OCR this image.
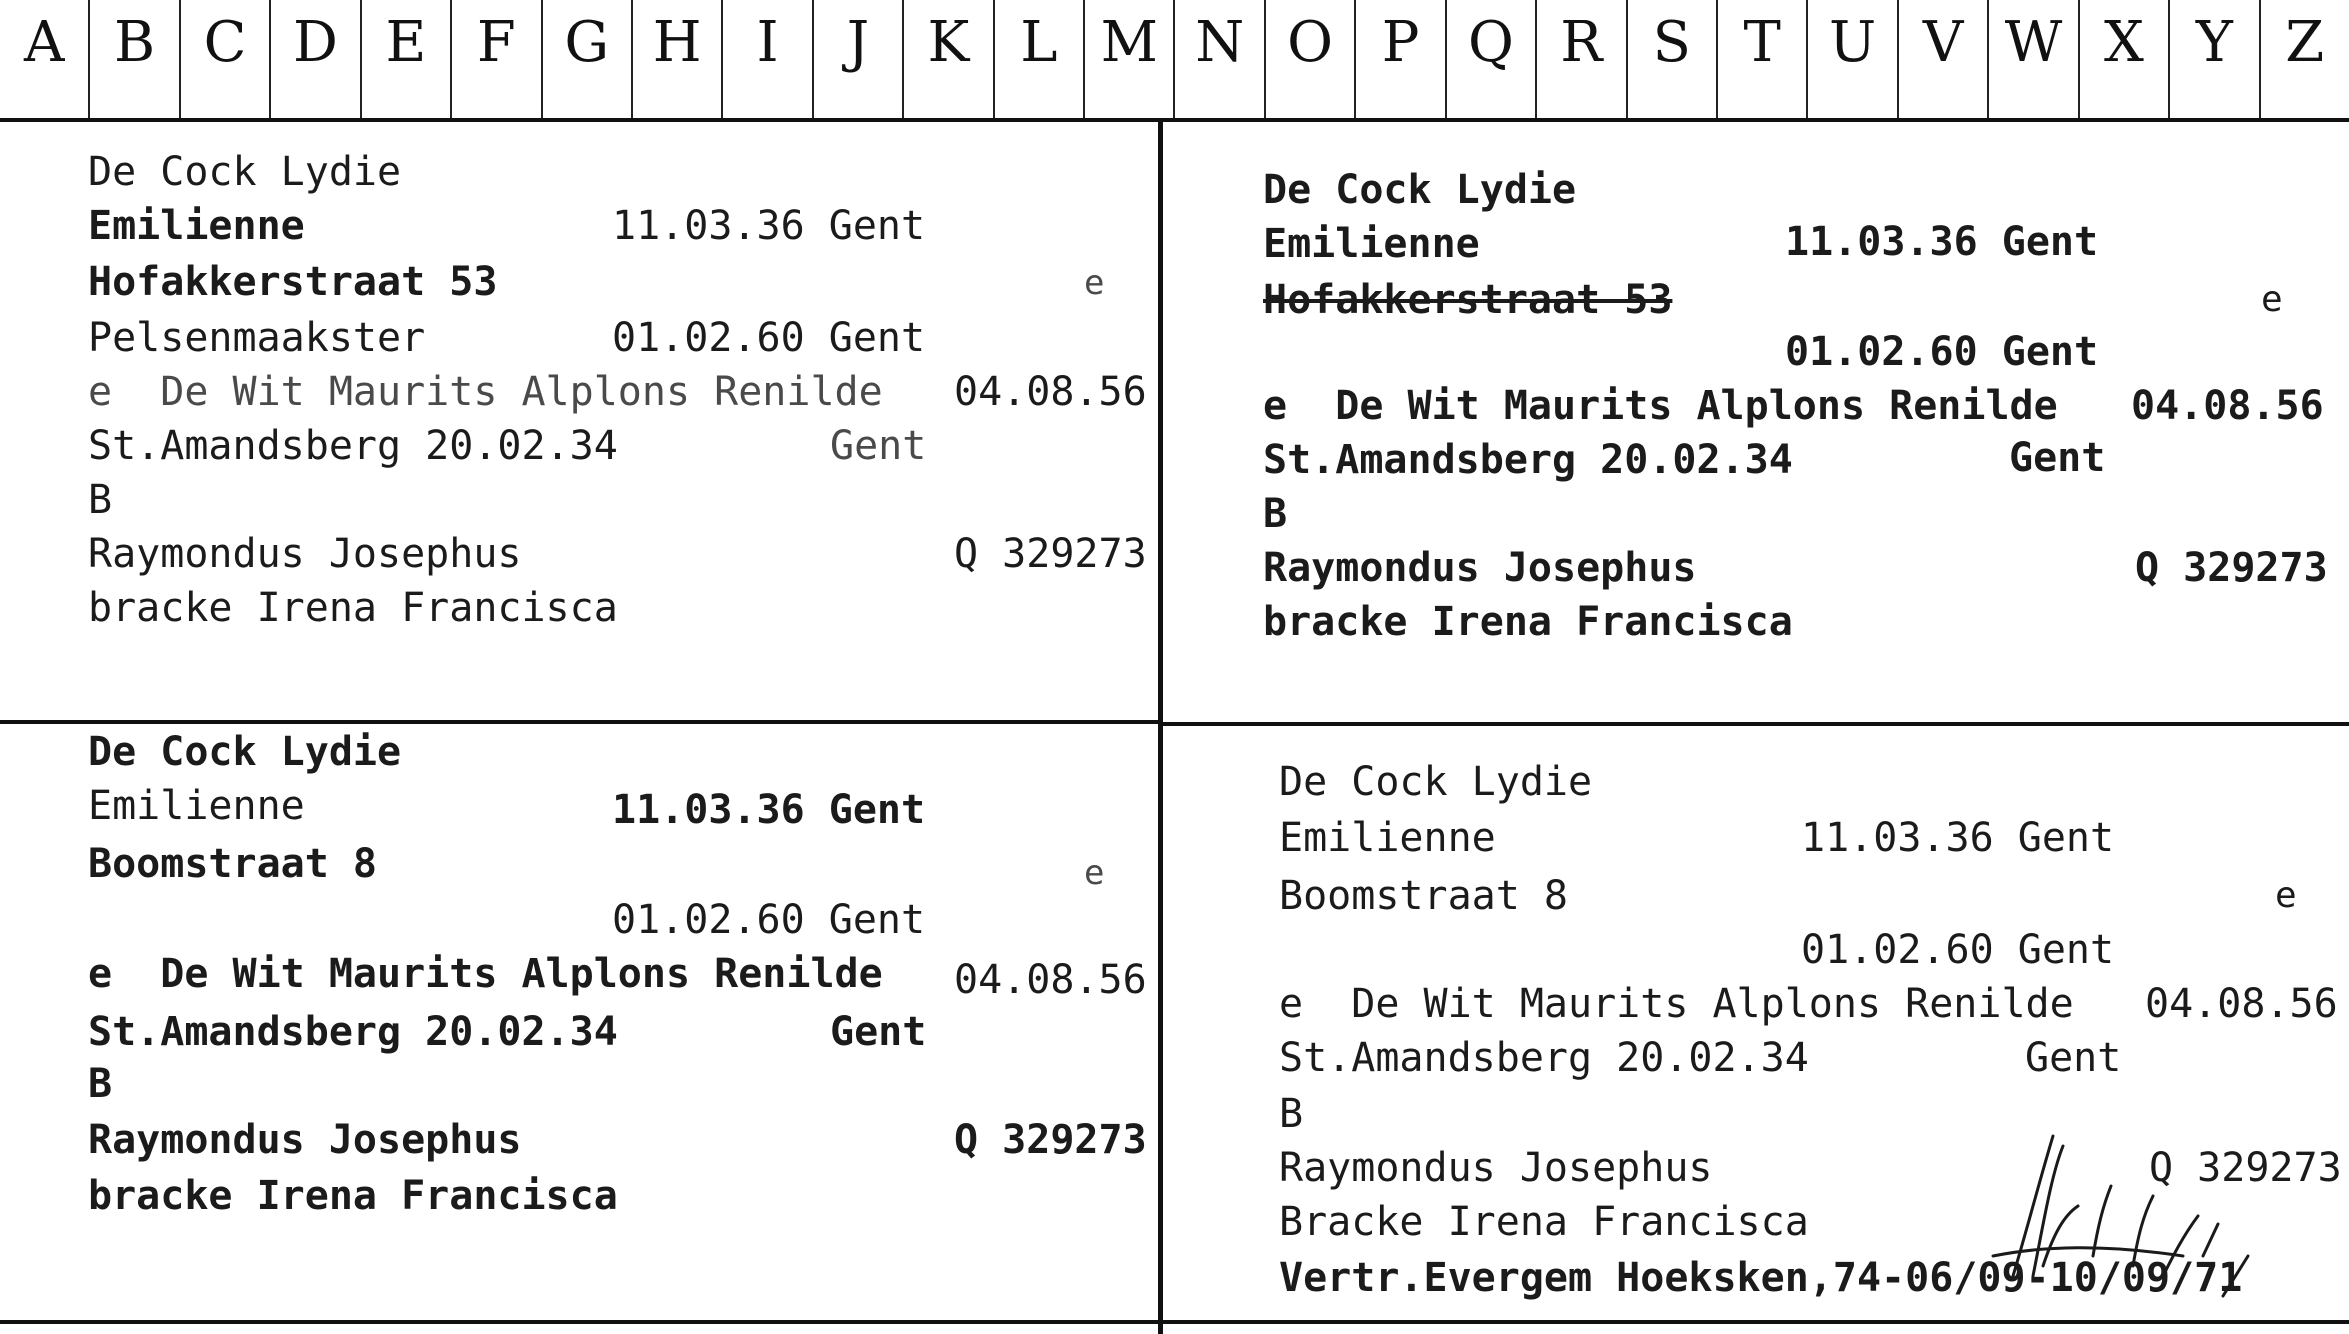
A B C D E F G H I	J	K L M N O P Q R S T U V W X Y Z
De Cock Lydie
Emilienne	11.03.36 Gent
Hofakkerstraat 53	e
Pelsenmaakster	01.02.60 Gent
e  De Wit Maurits Alplons Renilde 04.08.56
St.Amandsberg 20.02.34	Gent
B
Raymondus Josephus	Q 329273
bracke Irena Francisca
De Cock Lydie
Emilienne	11.03.36 Gent
Hofakkerstraat 53	e
01.02.60 Gent
e  De Wit Maurits Alplons Renilde 04.08.56
St.Amandsberg 20.02.34	Gent
B
Raymondus Josephus	Q 329273
bracke Irena Francisca
De Cock Lydie
Emilienne	11.03.36 Gent
Boomstraat 8	e
01.02.60 Gent
e  De Wit Maurits Alplons Renilde 04.08.56
St.Amandsberg 20.02.34	Gent
B
Raymondus Josephus	Q 329273
bracke Irena Francisca
De Cock Lydie
Emilienne	11.03.36 Gent
Boomstraat 8	e
01.02.60 Gent
e  De Wit Maurits Alplons Renilde 04.08.56
St.Amandsberg 20.02.34	Gent
B
Raymondus Josephus	Q 329273
Bracke Irena Francisca
Vertr.Evergem Hoeksken,74-06/09-10/09/71
